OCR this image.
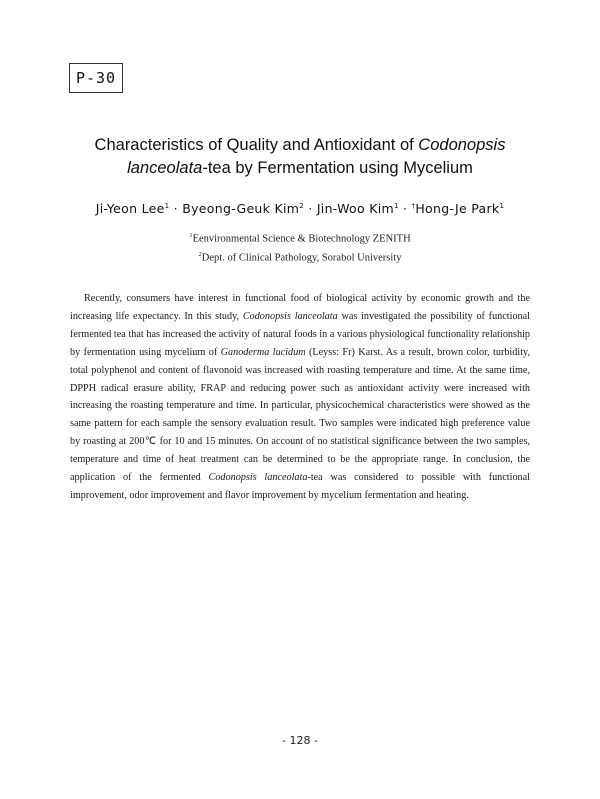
P-30
Characteristics of Quality and Antioxidant of Codonopsis
lanceolata-tea by Fermentation using Mycelium
Ji-Yeon Lee$^1$ · Byeong-Geuk Kim$^2$ · Jin-Woo Kim$^1$ · †Hong-Je Park$^1$
$^1$Eenvironmental Science & Biotechnology ZENITH
$^2$Dept. of Clinical Pathology, Sorabol University

Recently, consumers have interest in functional food of biological activity by economic growth and the increasing life expectancy. In this study, Codonopsis lanceolata was investigated the possibility of functional fermented tea that has increased the activity of natural foods in a various physiological functionality relationship by fermentation using mycelium of Ganoderma lucidum (Leyss: Fr) Karst. As a result, brown color, turbidity, total polyphenol and content of flavonoid was increased with roasting temperature and time. At the same time, DPPH radical erasure ability, FRAP and reducing power such as antioxidant activity were increased with increasing the roasting temperature and time. In particular, physicochemical characteristics were showed as the same pattern for each sample the sensory evaluation result. Two samples were indicated high preference value by roasting at 200℃ for 10 and 15 minutes. On account of no statistical significance between the two samples, temperature and time of heat treatment can be determined to be the appropriate range. In conclusion, the application of the fermented Codonopsis lanceolata-tea was considered to possible with functional improvement, odor improvement and flavor improvement by mycelium fermentation and heating.

- 128 -
